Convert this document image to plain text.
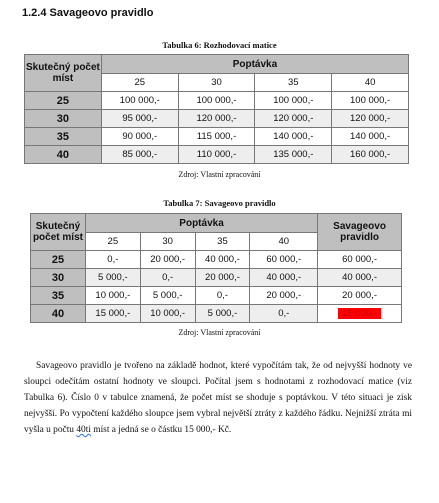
1.2.4 Savageovo pravidlo
Tabulka 6: Rozhodovací matice
Skutečný počet míst	Poptávka			
	25	30	35	40
25	100 000,-	100 000,-	100 000,-	100 000,-
30	95 000,-	120 000,-	120 000,-	120 000,-
35	90 000,-	115 000,-	140 000,-	140 000,-
40	85 000,-	110 000,-	135 000,-	160 000,-
Zdroj: Vlastní zpracování
Tabulka 7: Savageovo pravidlo
Skutečný počet míst	Poptávka				Savageovo pravidlo
	25	30	35	40	
25	0,-	20 000,-	40 000,-	60 000,-	60 000,-
30	5 000,-	0,-	20 000,-	40 000,-	40 000,-
35	10 000,-	5 000,-	0,-	20 000,-	20 000,-
40	15 000,-	10 000,-	5 000,-	0,-	15 000,-
Zdroj: Vlastní zpracování
Savageovo pravidlo je tvořeno na základě hodnot, které vypočítám tak, že od nejvyšší hodnoty ve sloupci odečítám ostatní hodnoty ve sloupci. Počítal jsem s hodnotami z rozhodovací matice (viz Tabulka 6). Číslo 0 v tabulce znamená, že počet míst se shoduje s poptávkou. V této situaci je zisk nejvyšší. Po vypočtení každého sloupce jsem vybral největší ztráty z každého řádku. Nejnižší ztráta mi vyšla u počtu 40ti míst a jedná se o částku 15 000,- Kč.
